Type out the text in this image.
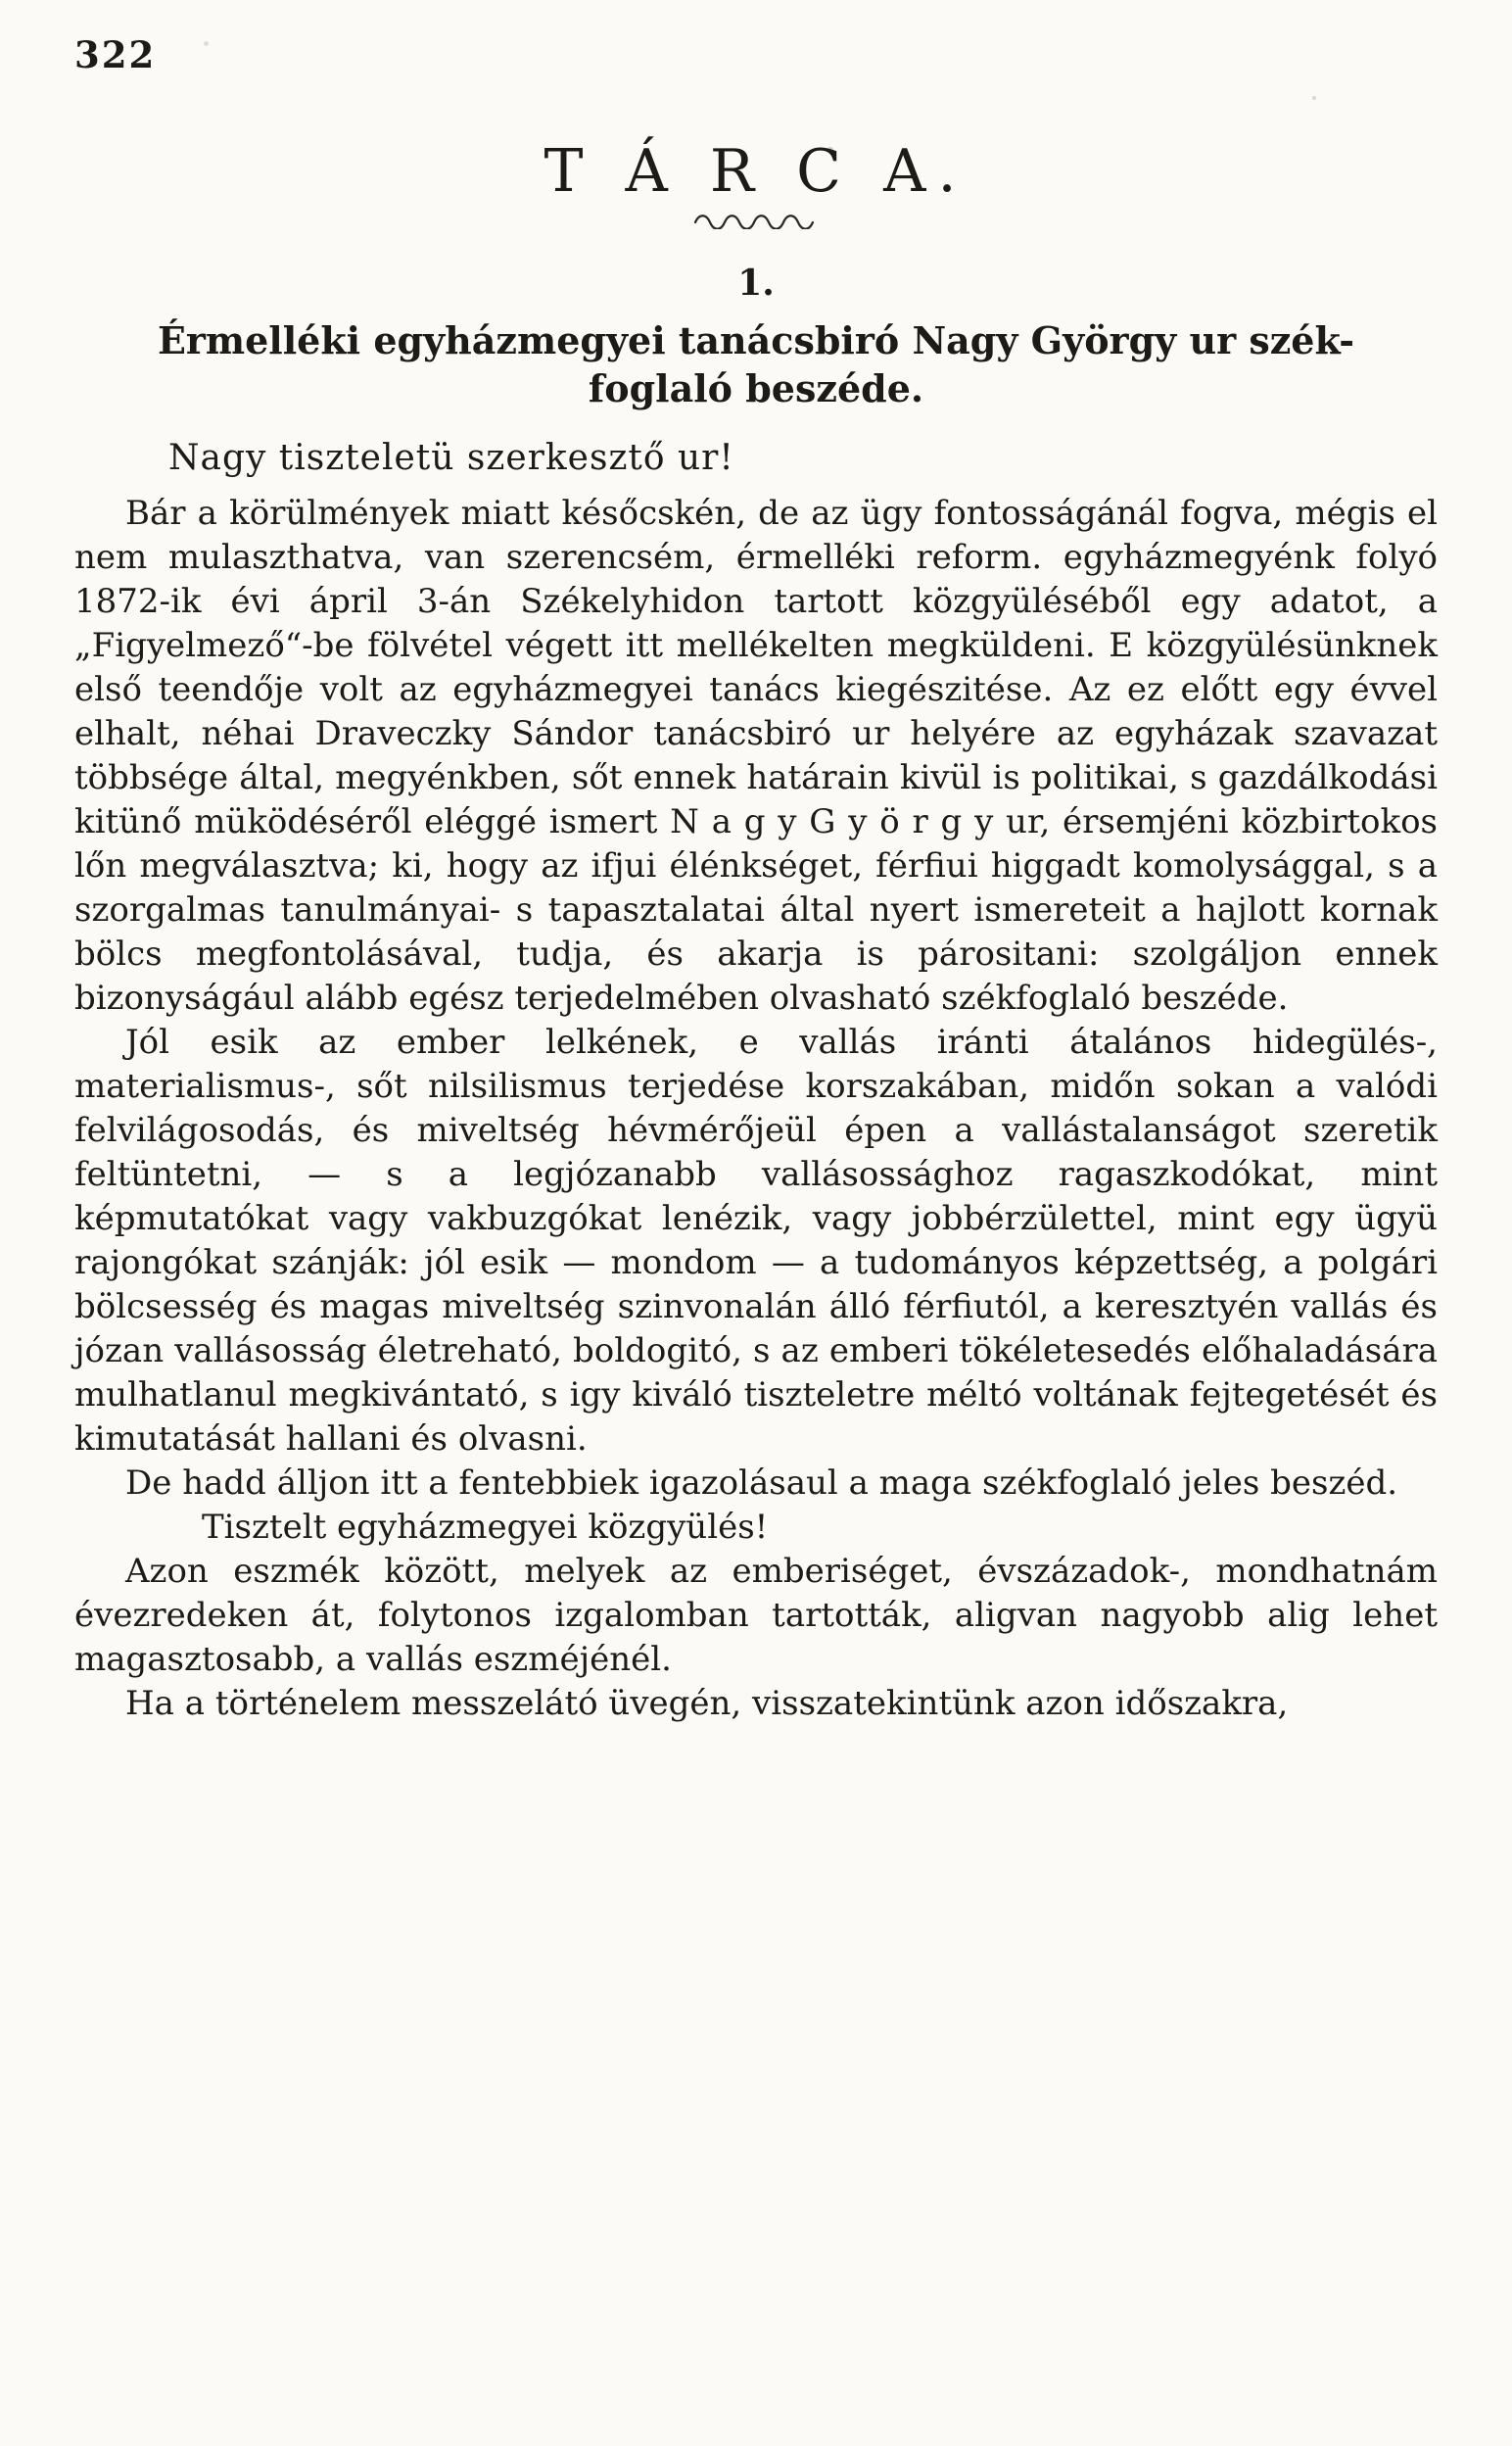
322
T Á R C A.
1.
Érmelléki egyházmegyei tanácsbiró Nagy György ur szék-
foglaló beszéde.
Nagy tiszteletü szerkesztő ur!

Bár a körülmények miatt későcskén, de az ügy fontosságánál fogva, mégis el nem mulaszthatva, van szerencsém, érmelléki reform. egyházmegyénk folyó 1872-ik évi ápril 3-án Székelyhidon tartott közgyüléséből egy adatot, a „Figyelmező“-be fölvétel végett itt mellékelten megküldeni. E közgyülésünknek első teendője volt az egyházmegyei tanács kiegészitése. Az ez előtt egy évvel elhalt, néhai Draveczky Sándor tanácsbiró ur helyére az egyházak szavazat többsége által, megyénkben, sőt ennek határain kivül is politikai, s gazdálkodási kitünő müködéséről eléggé ismert N a g y G y ö r g y ur, érsemjéni közbirtokos lőn megválasztva; ki, hogy az ifjui élénkséget, férfiui higgadt komolysággal, s a szorgalmas tanulmányai- s tapasztalatai által nyert ismereteit a hajlott kornak bölcs megfontolásával, tudja, és akarja is párositani: szolgáljon ennek bizonyságául alább egész terjedelmében olvasható székfoglaló beszéde.

Jól esik az ember lelkének, e vallás iránti átalános hidegülés-, materialismus-, sőt nilsilismus terjedése korszakában, midőn sokan a valódi felvilágosodás, és miveltség hévmérőjeül épen a vallástalanságot szeretik feltüntetni, — s a legjózanabb vallásossághoz ragaszkodókat, mint képmutatókat vagy vakbuzgókat lenézik, vagy jobbérzülettel, mint egy ügyü rajongókat szánják: jól esik — mondom — a tudományos képzettség, a polgári bölcsesség és magas miveltség szinvonalán álló férfiutól, a keresztyén vallás és józan vallásosság életreható, boldogitó, s az emberi tökéletesedés előhaladására mulhatlanul megkivántató, s igy kiváló tiszteletre méltó voltának fejtegetését és kimutatását hallani és olvasni.

De hadd álljon itt a fentebbiek igazolásaul a maga székfoglaló jeles beszéd.

Tisztelt egyházmegyei közgyülés!

Azon eszmék között, melyek az emberiséget, évszázadok-, mondhatnám évezredeken át, folytonos izgalomban tartották, aligvan nagyobb alig lehet magasztosabb, a vallás eszméjénél.

Ha a történelem messzelátó üvegén, visszatekintünk azon időszakra,
